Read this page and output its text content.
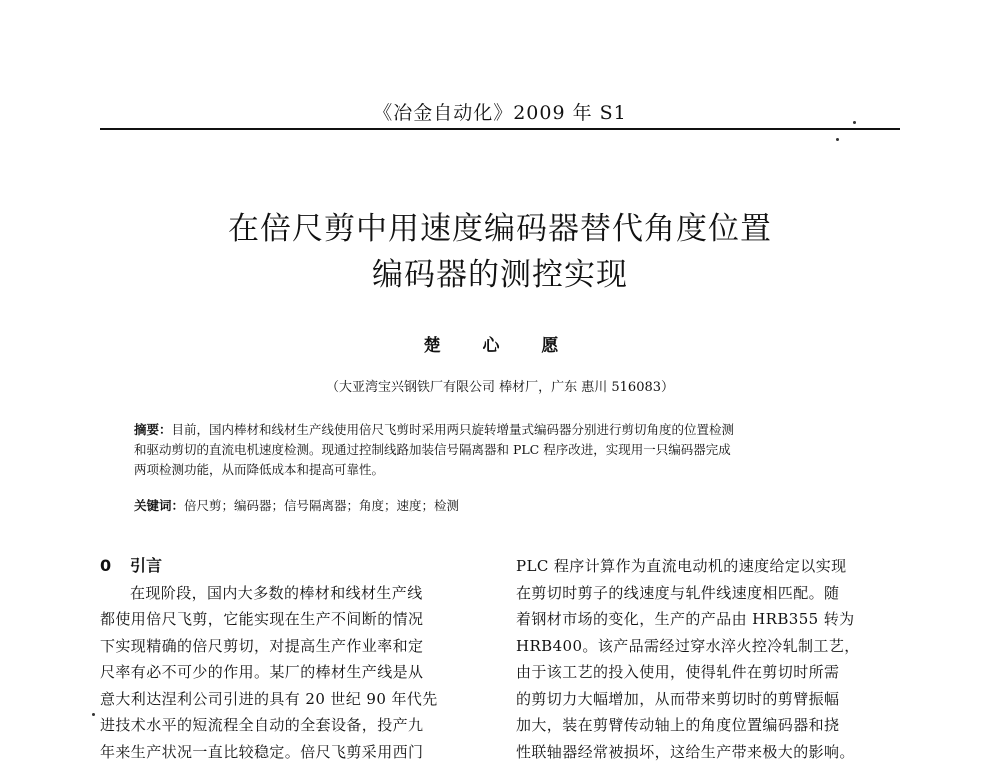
《冶金自动化》2009 年 S1
在倍尺剪中用速度编码器替代角度位置
编码器的测控实现
楚 心 愿
（大亚湾宝兴钢铁厂有限公司 棒材厂，广东 惠川 516083）
摘要：目前，国内棒材和线材生产线使用倍尺飞剪时采用两只旋转增量式编码器分别进行剪切角度的位置检测
和驱动剪切的直流电机速度检测。现通过控制线路加装信号隔离器和 PLC 程序改进，实现用一只编码器完成
两项检测功能，从而降低成本和提高可靠性。
关键词：倍尺剪；编码器；信号隔离器；角度；速度；检测
0 引言
在现阶段，国内大多数的棒材和线材生产线
都使用倍尺飞剪，它能实现在生产不间断的情况
下实现精确的倍尺剪切，对提高生产作业率和定
尺率有必不可少的作用。某厂的棒材生产线是从
意大利达涅利公司引进的具有 20 世纪 90 年代先
进技术水平的短流程全自动的全套设备，投产九
年来生产状况一直比较稳定。倍尺飞剪采用西门
PLC 程序计算作为直流电动机的速度给定以实现
在剪切时剪子的线速度与轧件线速度相匹配。随
着钢材市场的变化，生产的产品由 HRB355 转为
HRB400。该产品需经过穿水淬火控冷轧制工艺，
由于该工艺的投入使用，使得轧件在剪切时所需
的剪切力大幅增加，从而带来剪切时的剪臂振幅
加大，装在剪臂传动轴上的角度位置编码器和挠
性联轴器经常被损坏，这给生产带来极大的影响。
